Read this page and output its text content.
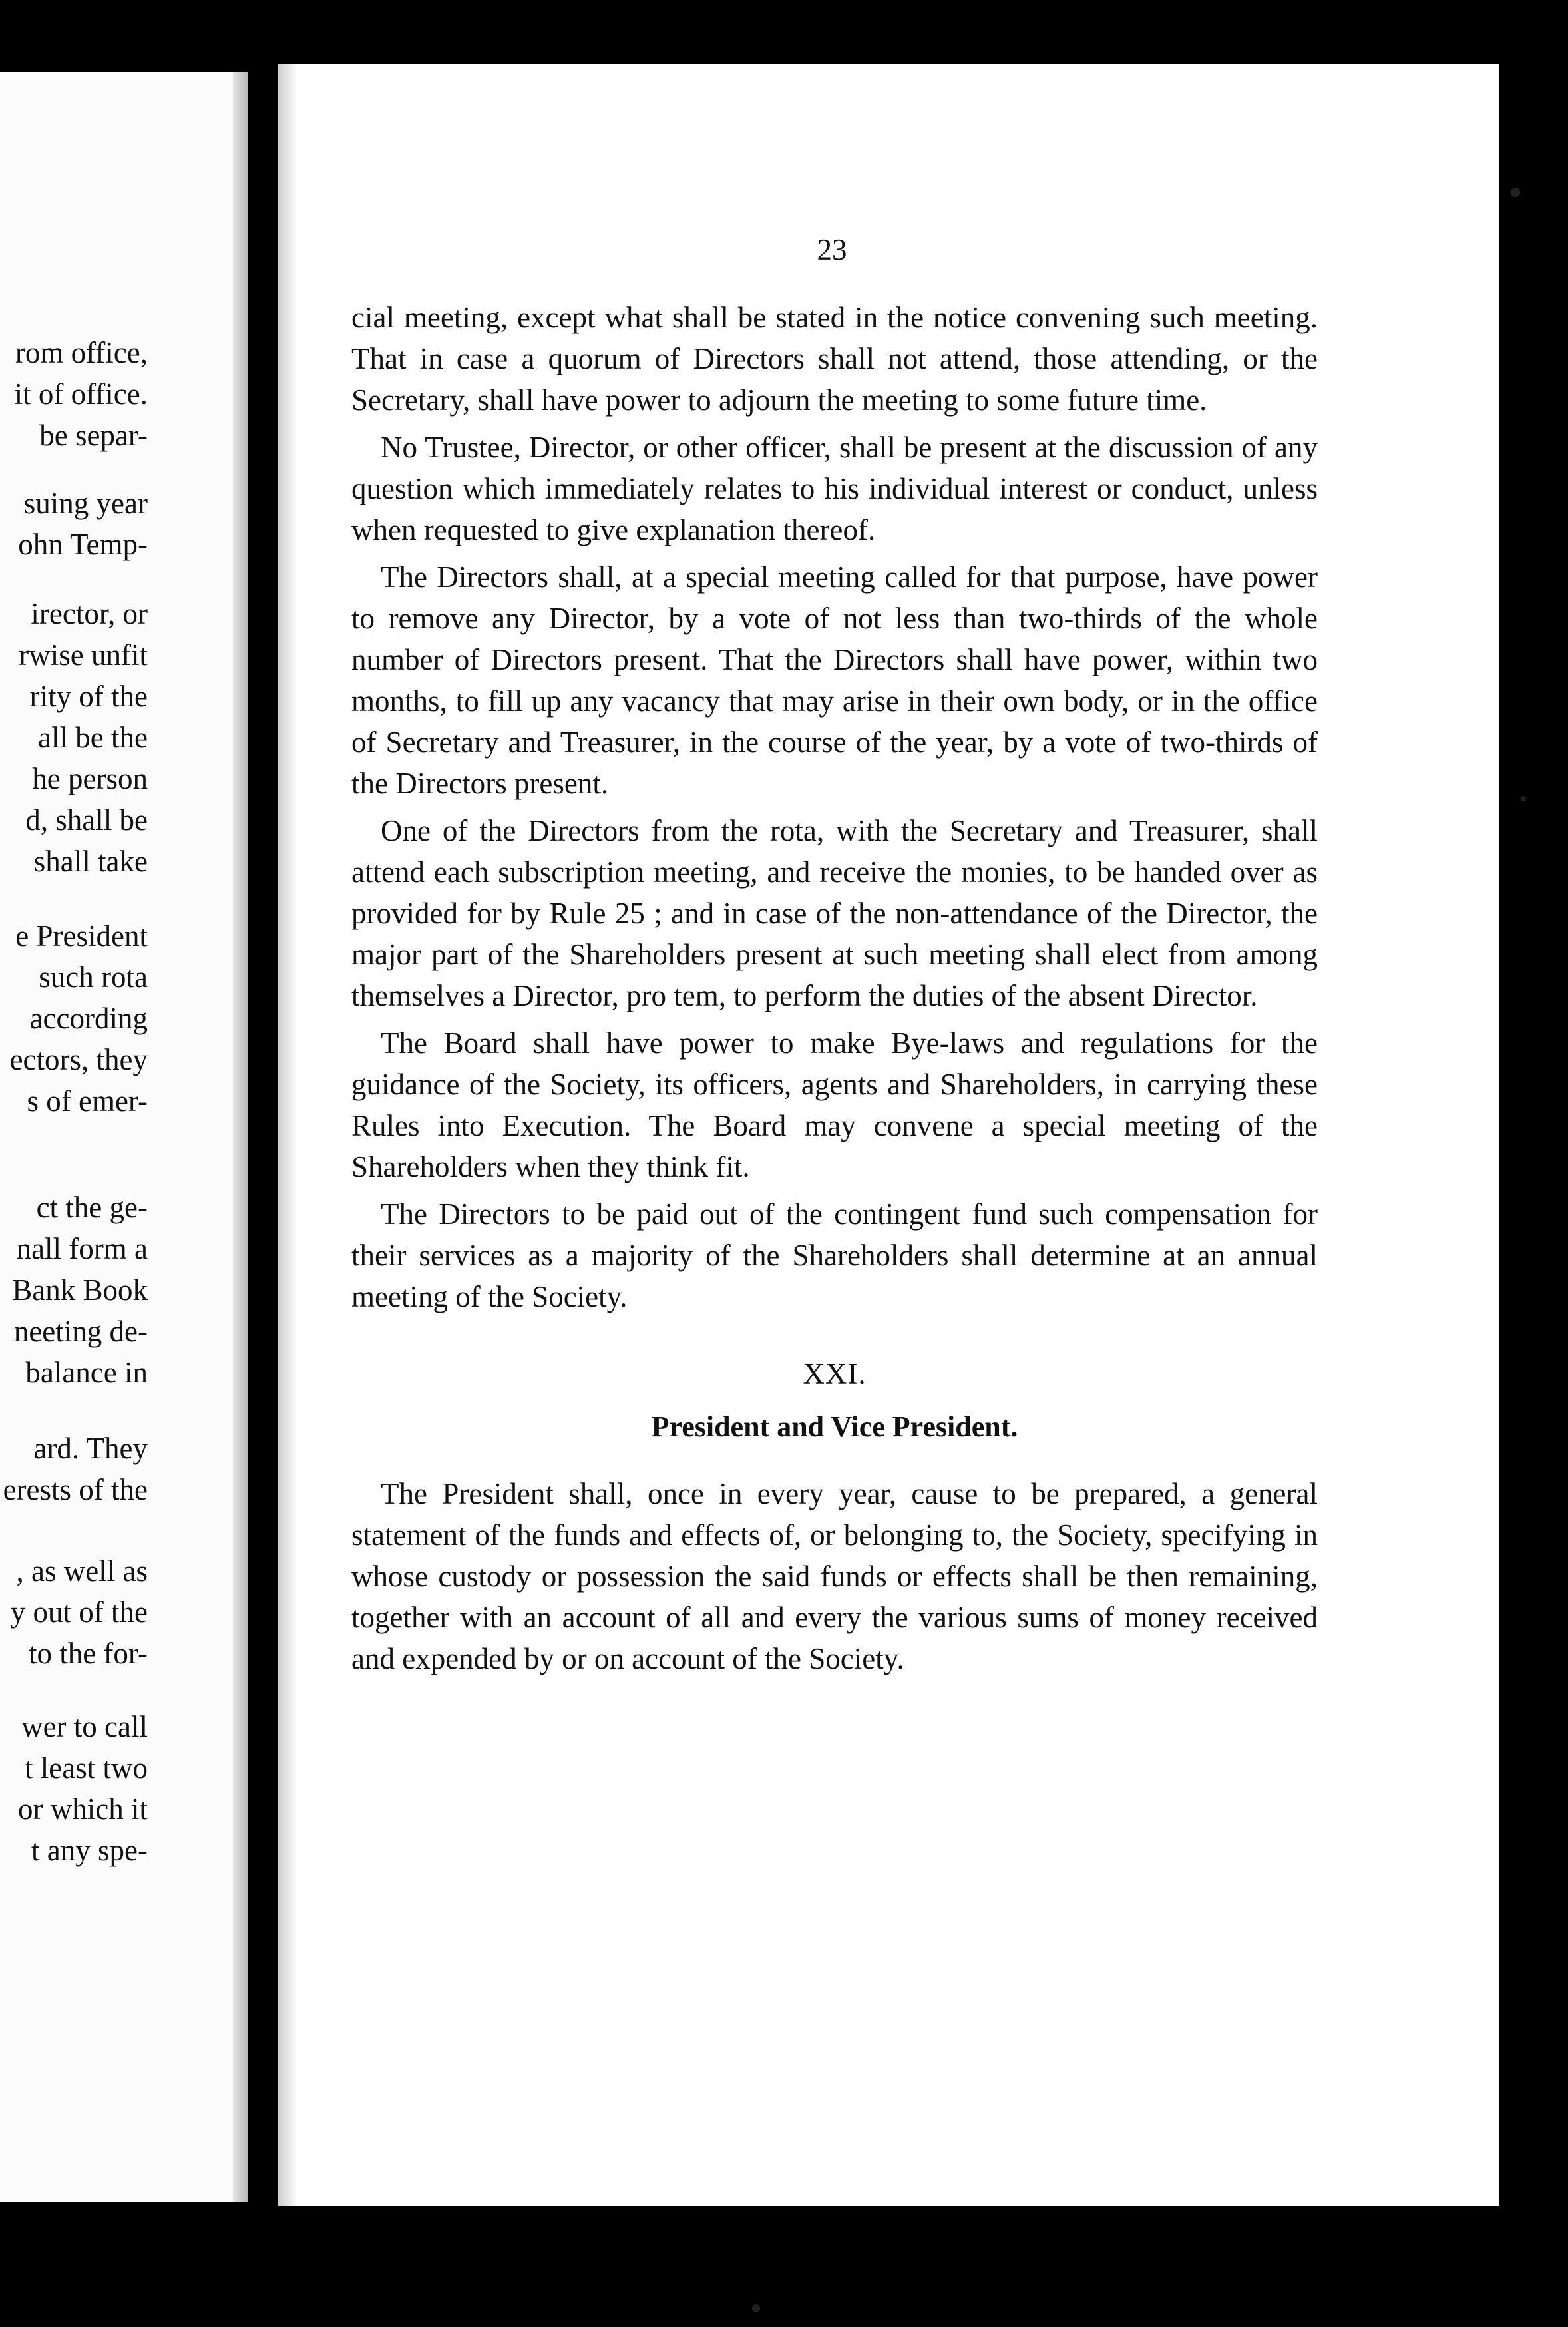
rom office,
it of office.
be separ-
suing year
ohn Temp-
irector, or
rwise unfit
rity of the
all be the
he person
d, shall be
shall take
e President
such rota
according
ectors, they
s of emer-
ct the ge-
nall form a
Bank Book
neeting de-
balance in
ard. They
erests of the
, as well as
y out of the
to the for-
wer to call
t least two
or which it
t any spe-
23

cial meeting, except what shall be stated in the notice convening such meeting. That in case a quorum of Directors shall not attend, those attending, or the Secretary, shall have power to adjourn the meeting to some future time.

No Trustee, Director, or other officer, shall be present at the discussion of any question which immediately relates to his individual interest or conduct, unless when requested to give explanation thereof.

The Directors shall, at a special meeting called for that purpose, have power to remove any Director, by a vote of not less than two-thirds of the whole number of Directors present. That the Directors shall have power, within two months, to fill up any vacancy that may arise in their own body, or in the office of Secretary and Treasurer, in the course of the year, by a vote of two-thirds of the Directors present.

One of the Directors from the rota, with the Secretary and Treasurer, shall attend each subscription meeting, and receive the monies, to be handed over as provided for by Rule 25 ; and in case of the non-attendance of the Director, the major part of the Shareholders present at such meeting shall elect from among themselves a Director, pro tem, to perform the duties of the absent Director.

The Board shall have power to make Bye-laws and regulations for the guidance of the Society, its officers, agents and Shareholders, in carrying these Rules into Execution. The Board may convene a special meeting of the Shareholders when they think fit.

The Directors to be paid out of the contingent fund such compensation for their services as a majority of the Shareholders shall determine at an annual meeting of the Society.

XXI.
President and Vice President.

The President shall, once in every year, cause to be prepared, a general statement of the funds and effects of, or belonging to, the Society, specifying in whose custody or possession the said funds or effects shall be then remaining, together with an account of all and every the various sums of money received and expended by or on account of the Society.
